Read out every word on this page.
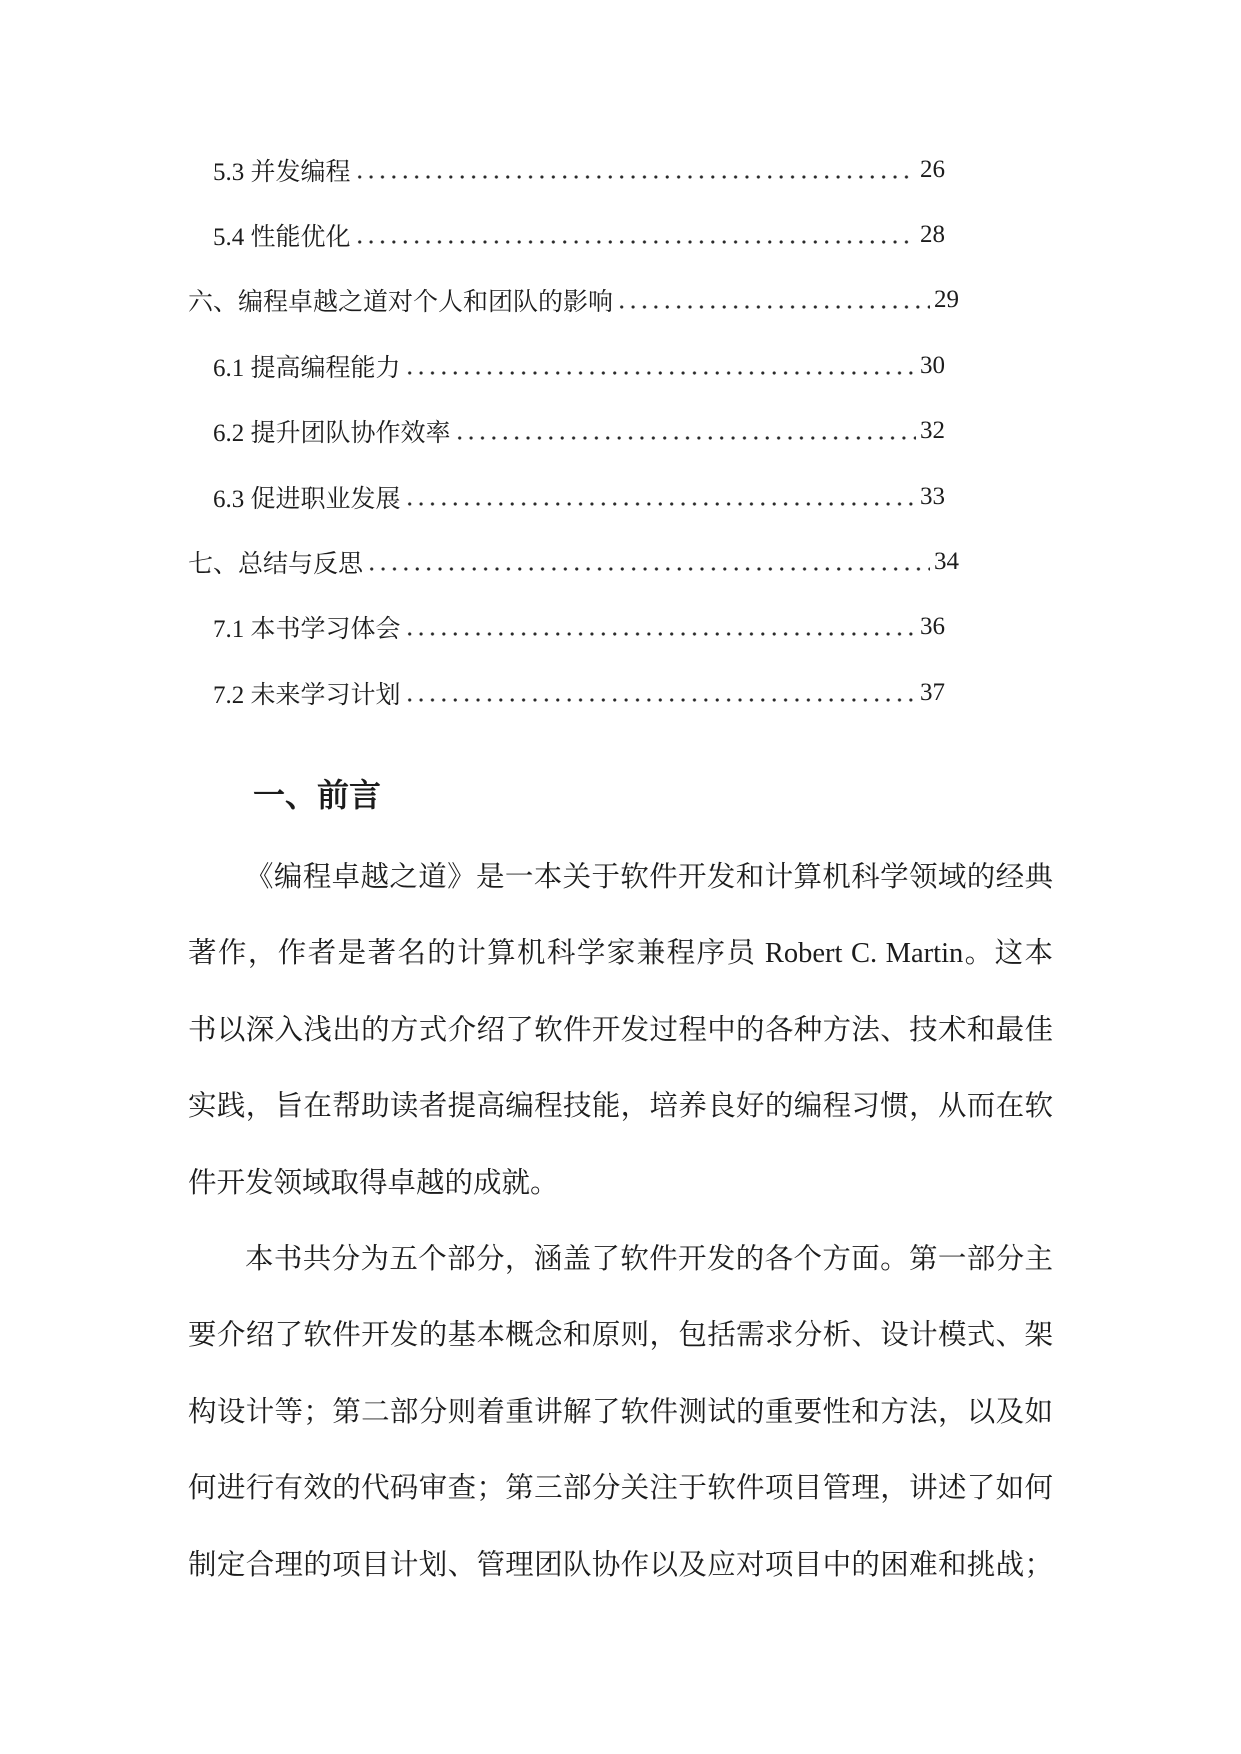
5.3 并发编程	26
5.4 性能优化	28
六、编程卓越之道对个人和团队的影响	29
6.1 提高编程能力	30
6.2 提升团队协作效率	32
6.3 促进职业发展	33
七、总结与反思	34
7.1 本书学习体会	36
7.2 未来学习计划	37
一、前言
《编程卓越之道》是一本关于软件开发和计算机科学领域的经典
著作，作者是著名的计算机科学家兼程序员 Robert C. Martin。这本
书以深入浅出的方式介绍了软件开发过程中的各种方法、技术和最佳
实践，旨在帮助读者提高编程技能，培养良好的编程习惯，从而在软
件开发领域取得卓越的成就。
本书共分为五个部分，涵盖了软件开发的各个方面。第一部分主
要介绍了软件开发的基本概念和原则，包括需求分析、设计模式、架
构设计等；第二部分则着重讲解了软件测试的重要性和方法，以及如
何进行有效的代码审查；第三部分关注于软件项目管理，讲述了如何
制定合理的项目计划、管理团队协作以及应对项目中的困难和挑战；
